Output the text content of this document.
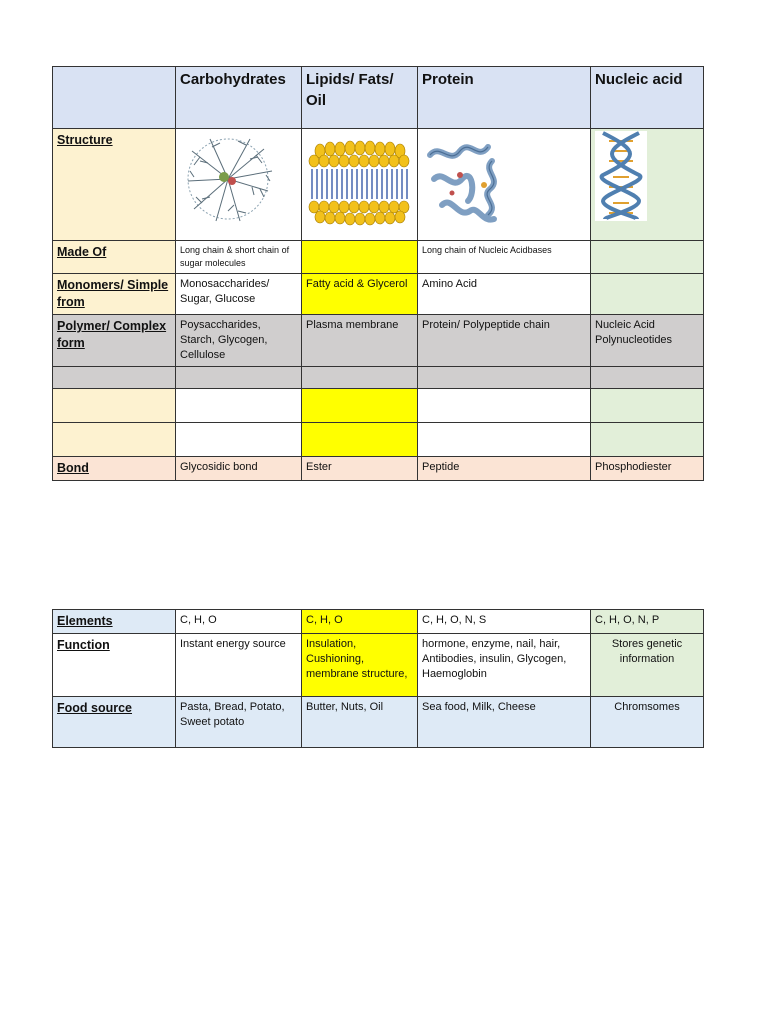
	Carbohydrates	Lipids/ Fats/ Oil	Protein	Nucleic acid
Structure	

Made Of	Long chain & short chain of sugar molecules		Long chain of Nucleic Acidbases	
Monomers/ Simple from	Monosaccharides/ Sugar, Glucose	Fatty acid & Glycerol	Amino Acid	
Polymer/ Complex form	Poysaccharides, Starch, Glycogen, Cellulose	Plasma membrane	Protein/ Polypeptide chain	Nucleic Acid Polynucleotides

Bond	Glycosidic bond	Ester	Peptide	Phosphodiester
Elements	C, H, O	C, H, O	C, H, O, N, S	C, H, O, N, P
Function	Instant energy source	Insulation, Cushioning, membrane structure,	hormone, enzyme, nail, hair, Antibodies, insulin, Glycogen, Haemoglobin	Stores genetic information
Food source	Pasta, Bread, Potato, Sweet potato	Butter, Nuts, Oil	Sea food, Milk, Cheese	Chromsomes
